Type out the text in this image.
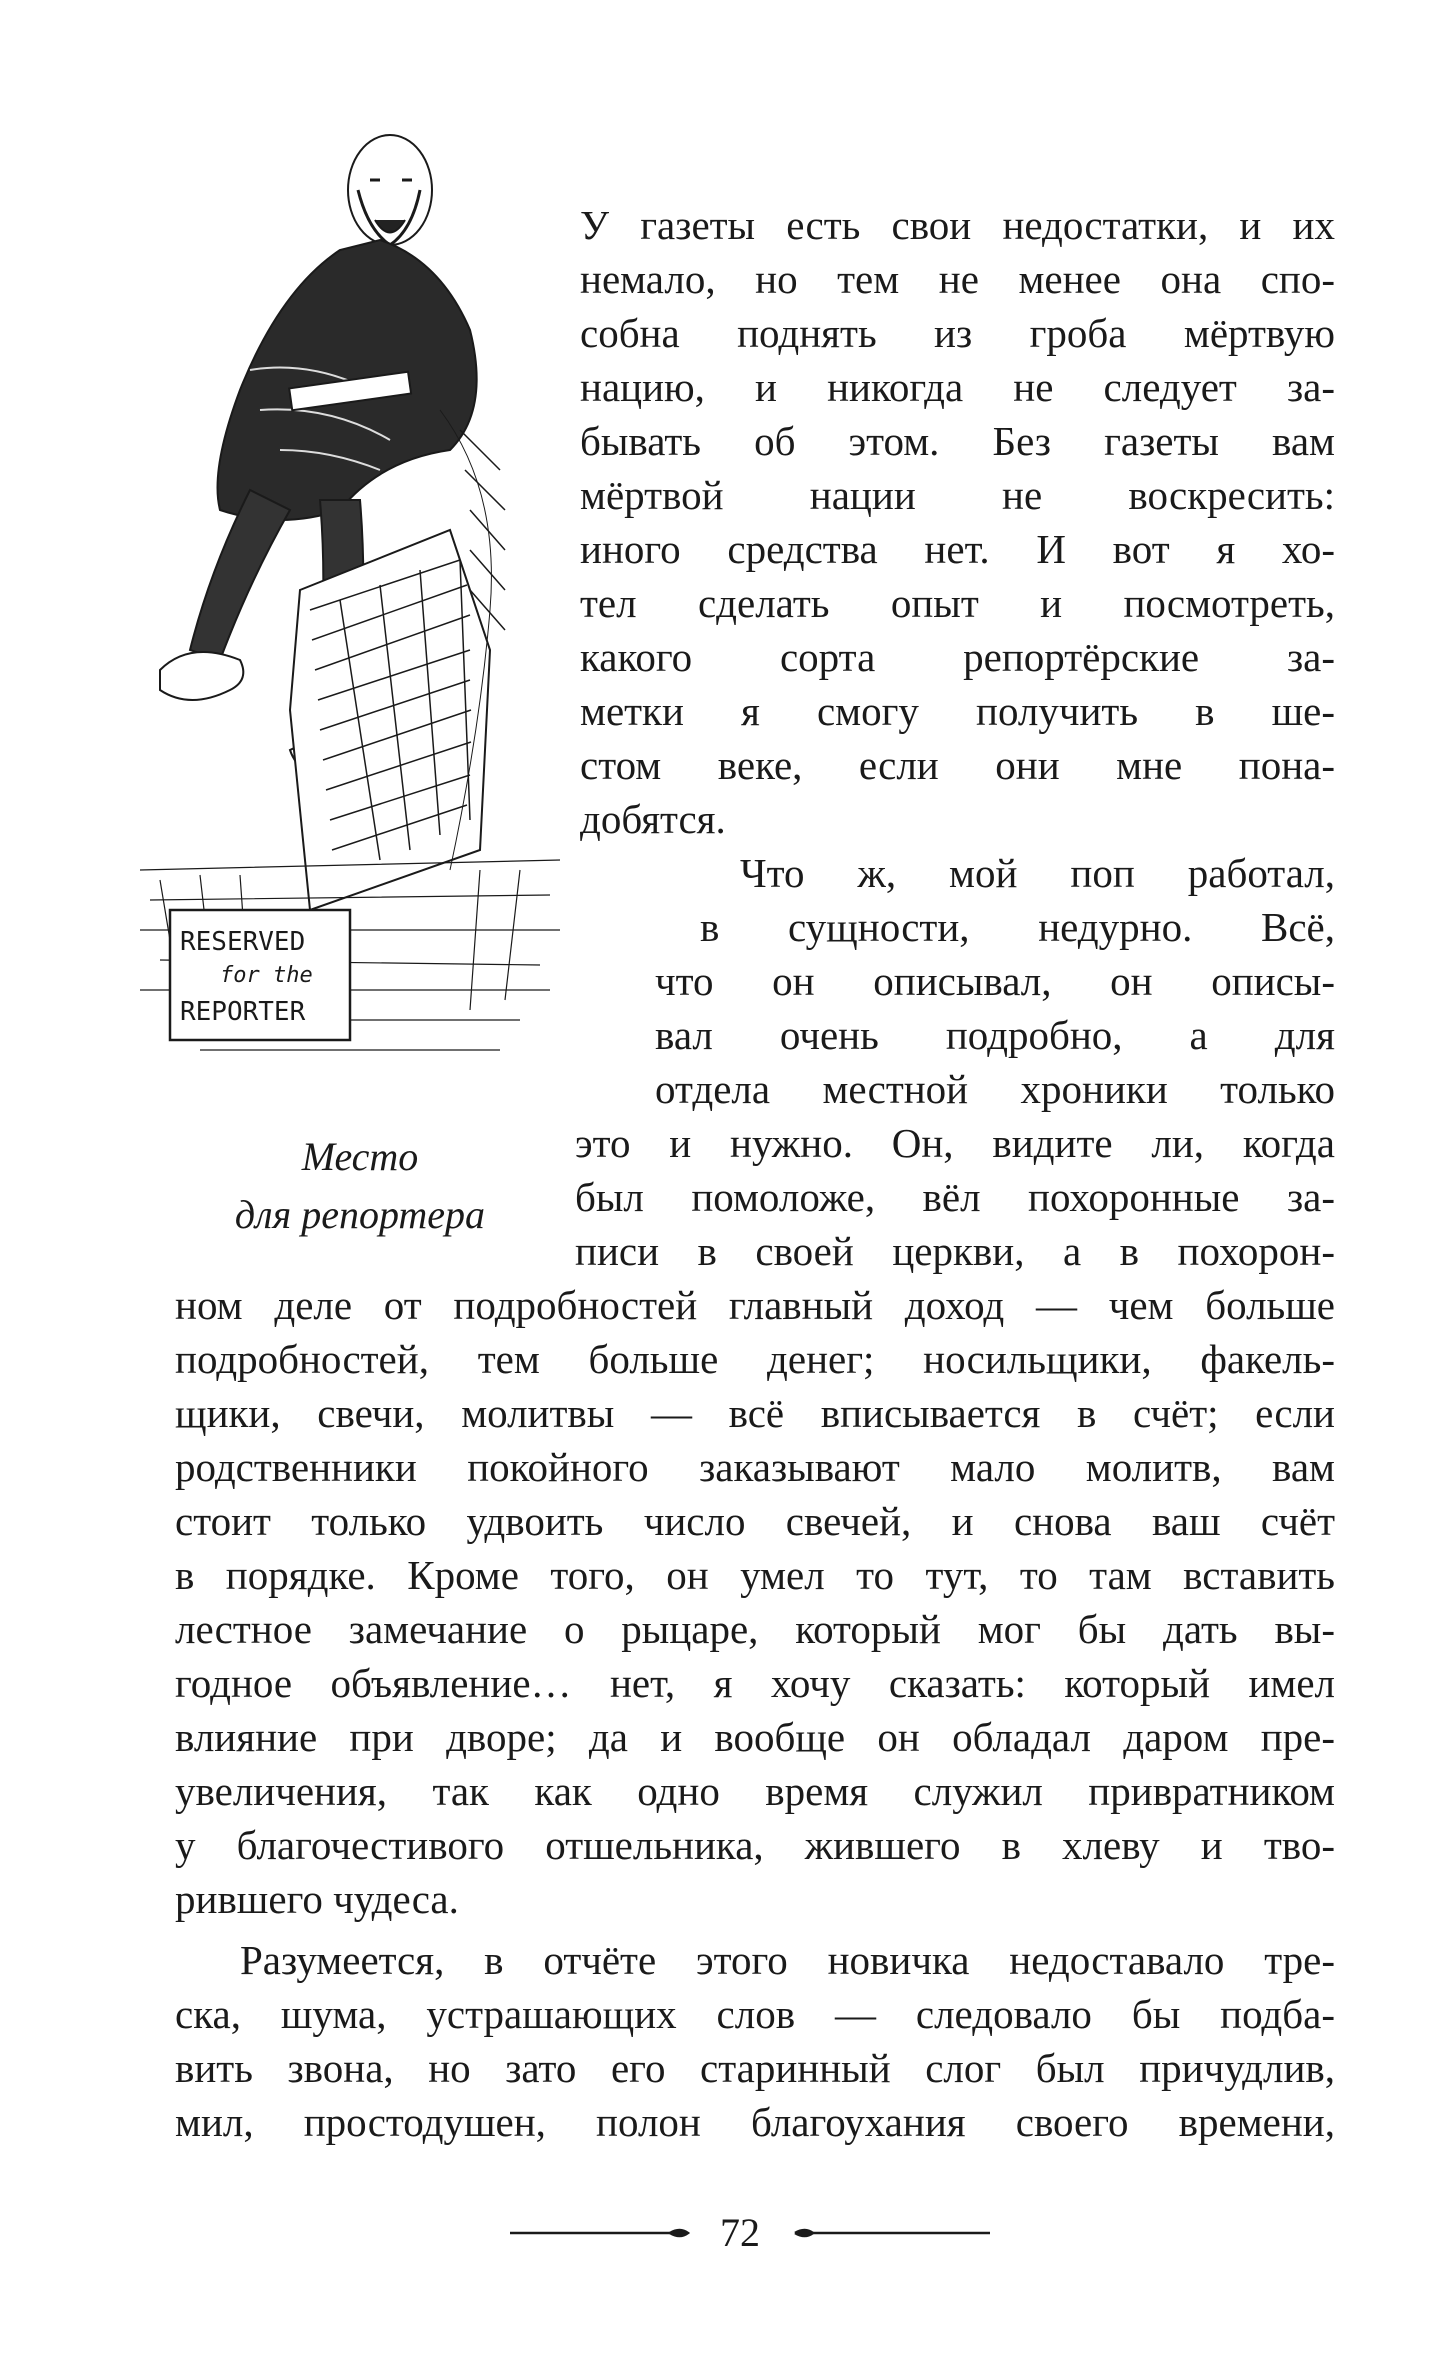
RESERVED
for the
REPORTER
Место
для репортера
У газеты есть свои недостатки, и их
немало, но тем не менее она спо-
собна поднять из гроба мёртвую
нацию, и никогда не следует за-
бывать об этом. Без газеты вам
мёртвой нации не воскресить:
иного средства нет. И вот я хо-
тел сделать опыт и посмотреть,
какого сорта репортёрские за-
метки я смогу получить в ше-
стом веке, если они мне пона-
добятся.
Что ж, мой поп работал,
в сущности, недурно. Всё,
что он описывал, он описы-
вал очень подробно, а для
отдела местной хроники только
это и нужно. Он, видите ли, когда
был помоложе, вёл похоронные за-
писи в своей церкви, а в похорон-
ном деле от подробностей главный доход — чем больше
подробностей, тем больше денег; носильщики, факель-
щики, свечи, молитвы — всё вписывается в счёт; если
родственники покойного заказывают мало молитв, вам
стоит только удвоить число свечей, и снова ваш счёт
в порядке. Кроме того, он умел то тут, то там вставить
лестное замечание о рыцаре, который мог бы дать вы-
годное объявление… нет, я хочу сказать: который имел
влияние при дворе; да и вообще он обладал даром пре-
увеличения, так как одно время служил привратником
у благочестивого отшельника, жившего в хлеву и тво-
рившего чудеса.
Разумеется, в отчёте этого новичка недоставало тре-
ска, шума, устрашающих слов — следовало бы подба-
вить звона, но зато его старинный слог был причудлив,
мил, простодушен, полон благоухания своего времени,
72
